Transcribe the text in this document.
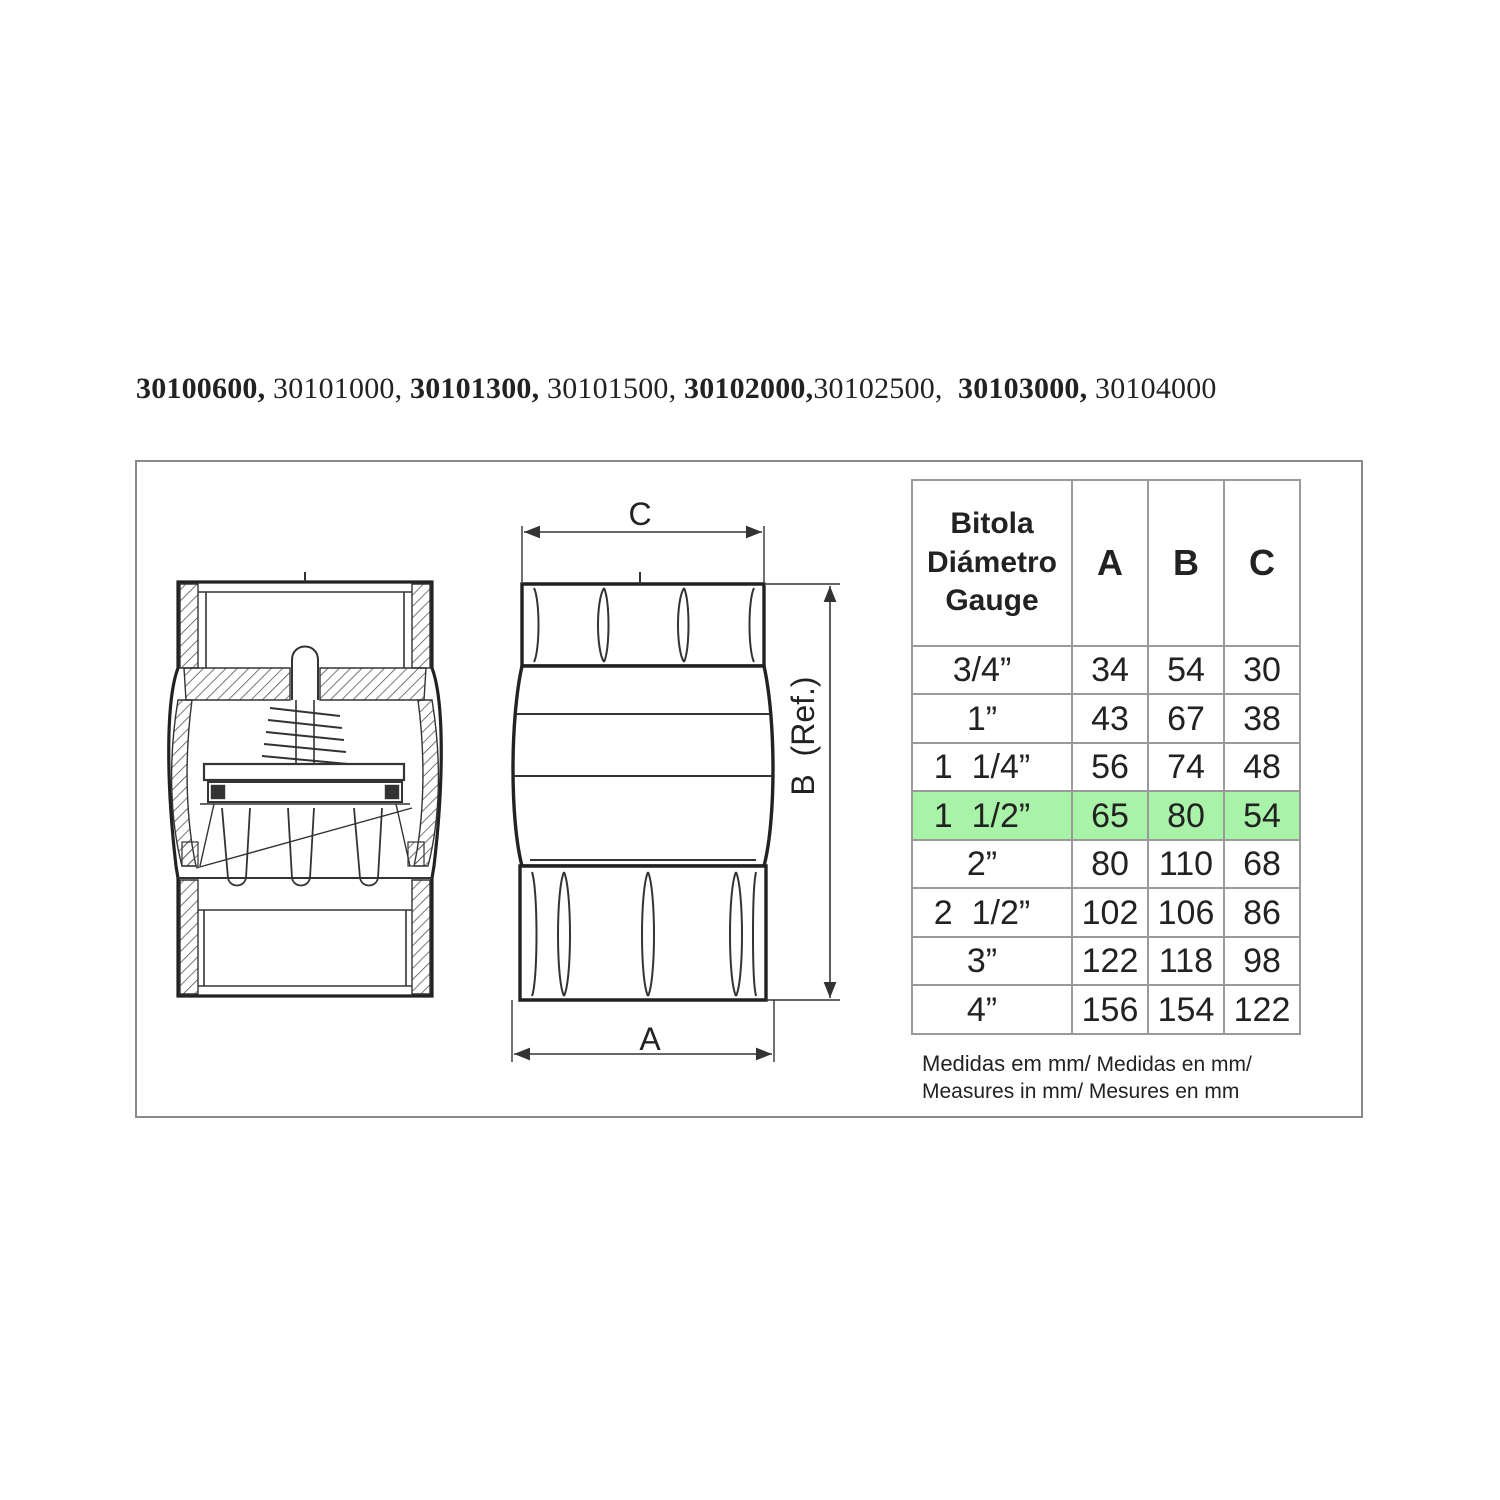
30100600, 30101000, 30101300, 30101500, 30102000,30102500,  30103000, 30104000
C
A
B  (Ref.)
Bitola
Diámetro
Gauge	A	B	C
3/4”	34	54	30
1”	43	67	38
1  1/4”	56	74	48
1  1/2”	65	80	54
2”	80	110	68
2  1/2”	102	106	86
3”	122	118	98
4”	156	154	122
Medidas em mm/ Medidas en mm/
Measures in mm/ Mesures en mm
